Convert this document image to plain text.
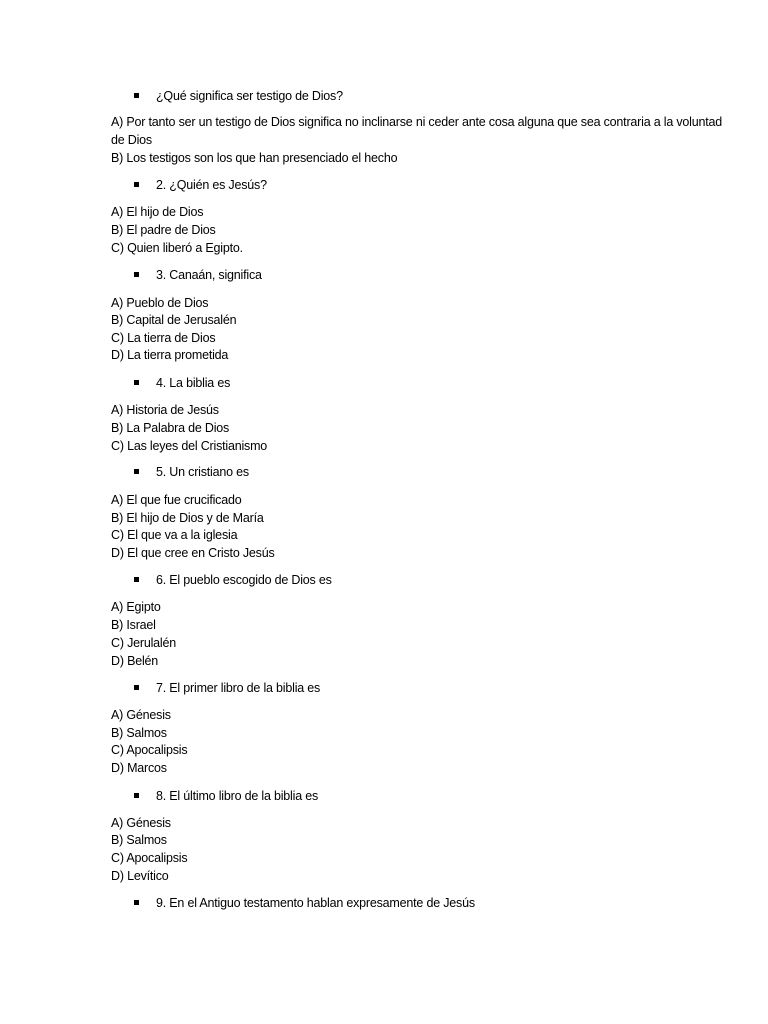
¿Qué significa ser testigo de Dios?
A) Por tanto ser un testigo de Dios significa no inclinarse ni ceder ante cosa alguna que sea contraria a la voluntad
de Dios
B) Los testigos son los que han presenciado el hecho
2. ¿Quién es Jesús?
A) El hijo de Dios
B) El padre de Dios
C) Quien liberó a Egipto.
3. Canaán, significa
A) Pueblo de Dios
B) Capital de Jerusalén
C) La tierra de Dios
D) La tierra prometida
4. La biblia es
A) Historia de Jesús
B) La Palabra de Dios
C) Las leyes del Cristianismo
5. Un cristiano es
A) El que fue crucificado
B) El hijo de Dios y de María
C) El que va a la iglesia
D) El que cree en Cristo Jesús
6. El pueblo escogido de Dios es
A) Egipto
B) Israel
C) Jerulalén
D) Belén
7. El primer libro de la biblia es
A) Génesis
B) Salmos
C) Apocalipsis
D) Marcos
8. El último libro de la biblia es
A) Génesis
B) Salmos
C) Apocalipsis
D) Levítico
9. En el Antiguo testamento hablan expresamente de Jesús
